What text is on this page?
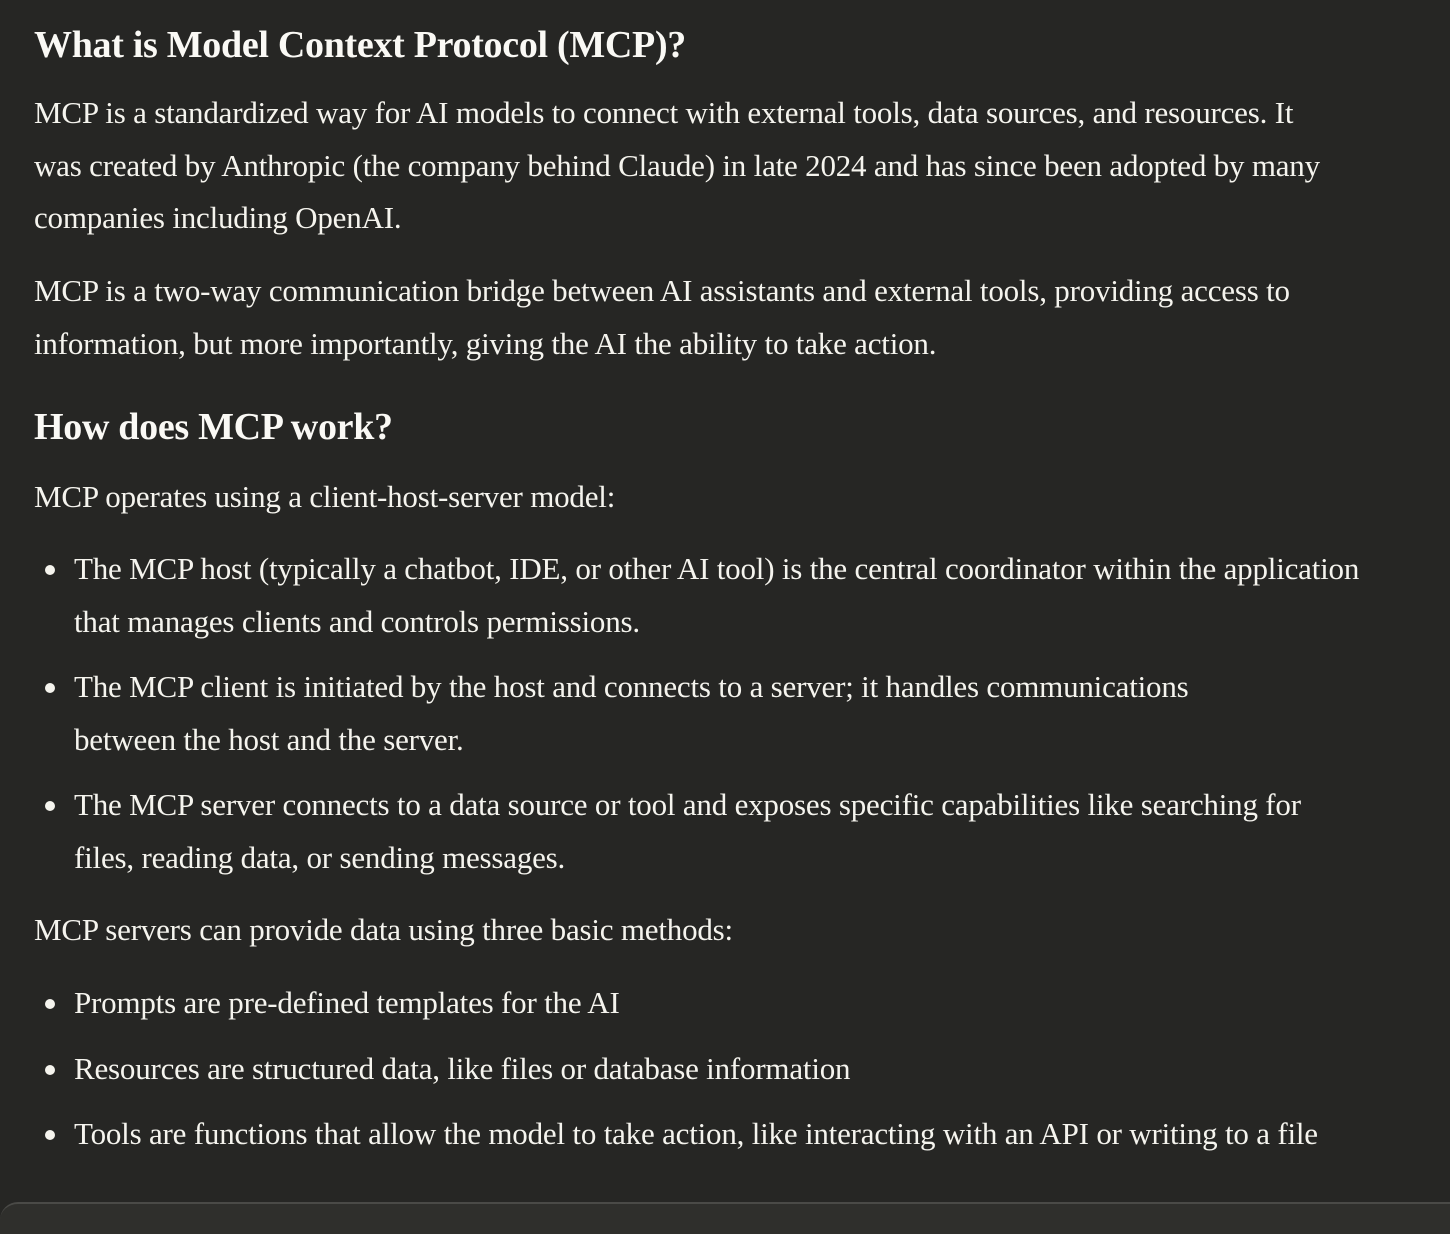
What is Model Context Protocol (MCP)?

MCP is a standardized way for AI models to connect with external tools, data sources, and resources. It was created by Anthropic (the company behind Claude) in late 2024 and has since been adopted by many companies including OpenAI.

MCP is a two-way communication bridge between AI assistants and external tools, providing access to information, but more importantly, giving the AI the ability to take action.

How does MCP work?

MCP operates using a client-host-server model:

The MCP host (typically a chatbot, IDE, or other AI tool) is the central coordinator within the application that manages clients and controls permissions.
The MCP client is initiated by the host and connects to a server; it handles communications between the host and the server.
The MCP server connects to a data source or tool and exposes specific capabilities like searching for files, reading data, or sending messages.

MCP servers can provide data using three basic methods:

Prompts are pre-defined templates for the AI
Resources are structured data, like files or database information
Tools are functions that allow the model to take action, like interacting with an API or writing to a file
